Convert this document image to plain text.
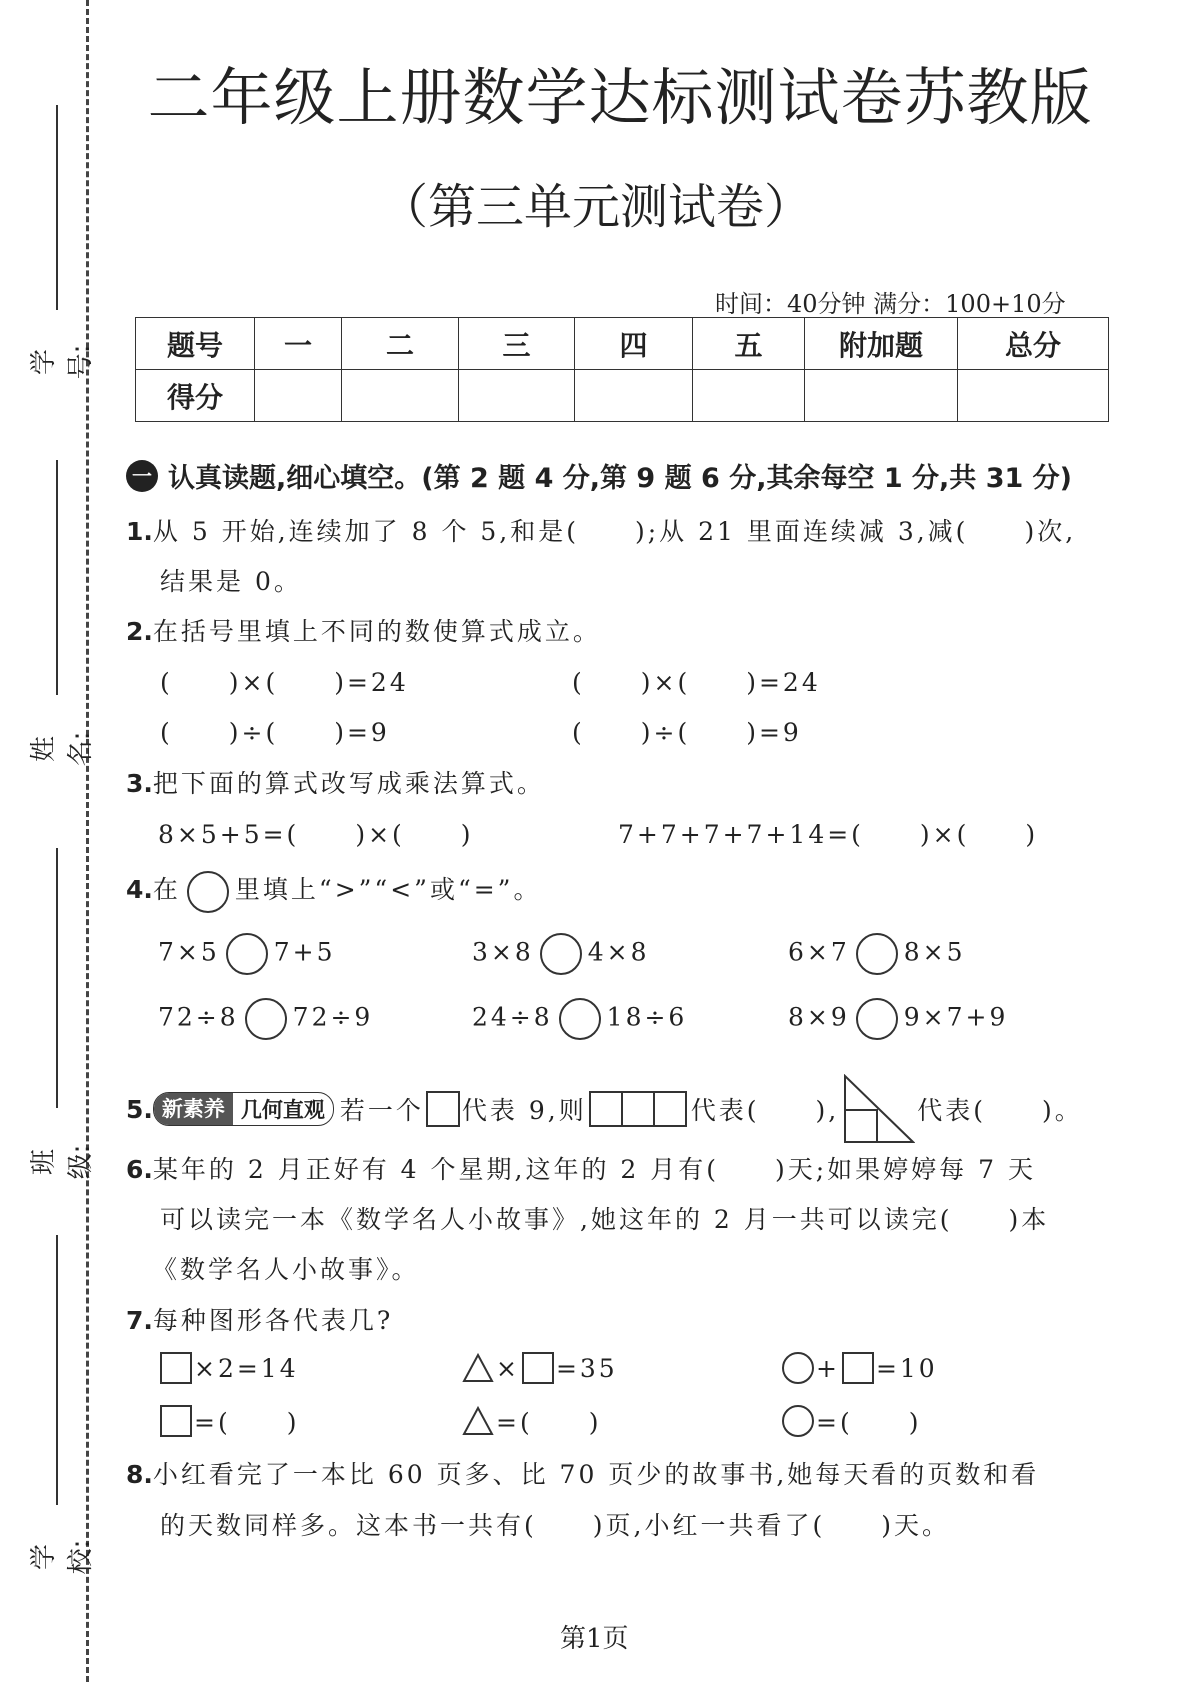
学号:
姓名:
班级:
学校:
二年级上册数学达标测试卷苏教版
（第三单元测试卷）
时间：40分钟 满分：100+10分
题号	一	二	三	四	五	附加题	总分
得分							
一 认真读题,细心填空。(第 2 题 4 分,第 9 题 6 分,其余每空 1 分,共 31 分)
1.从 5 开始,连续加了 8 个 5,和是(　　);从 21 里面连续减 3,减(　　)次,
结果是 0。
2.在括号里填上不同的数使算式成立。
(　　)×(　　)=24	(　　)×(　　)=24
(　　)÷(　　)=9	(　　)÷(　　)=9
3.把下面的算式改写成乘法算式。
8×5+5=(　　)×(　　)	7+7+7+7+14=(　　)×(　　)
4.在 里填上“>”“<”或“=”。
7×5 7+5	3×8 4×8	6×7 8×5
72÷8 72÷9	24÷8 18÷6	8×9 9×7+9
5. 新素养 几何直观 若一个 代表 9,则	代表(　　),	代表(　　)。
6.某年的 2 月正好有 4 个星期,这年的 2 月有(　　)天;如果婷婷每 7 天
可以读完一本《数学名人小故事》,她这年的 2 月一共可以读完(　　)本
《数学名人小故事》。
7.每种图形各代表几?
×2=14	× =35	+ =10
=(　　)	=(　　)	=(　　)
8.小红看完了一本比 60 页多、比 70 页少的故事书,她每天看的页数和看
的天数同样多。这本书一共有(　　)页,小红一共看了(　　)天。
第1页
